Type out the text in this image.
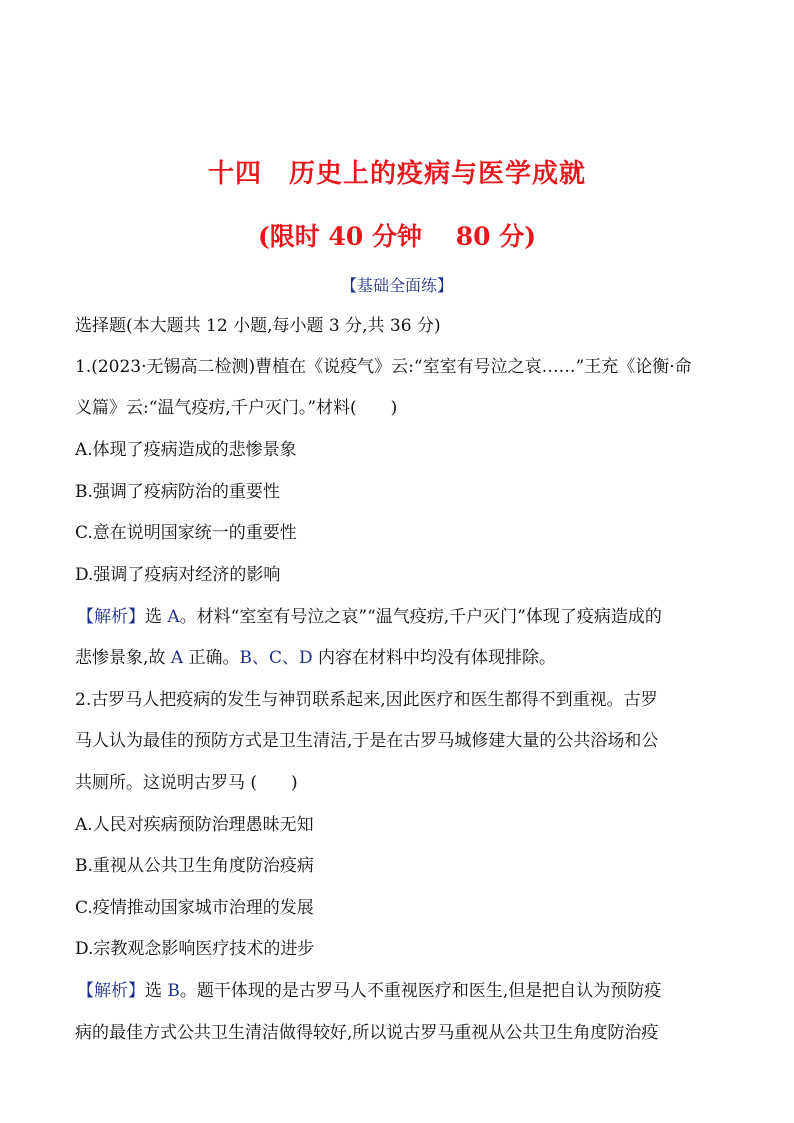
十四　历史上的疫病与医学成就
(限时 40 分钟　 80 分)
【基础全面练】
选择题(本大题共 12 小题,每小题 3 分,共 36 分)
1.(2023·无锡高二检测)曹植在《说疫气》云:“室室有号泣之哀……”王充《论衡·命
义篇》云:“温气疫疠,千户灭门。”材料(　　)
A.体现了疫病造成的悲惨景象
B.强调了疫病防治的重要性
C.意在说明国家统一的重要性
D.强调了疫病对经济的影响
【解析】选 A。材料“室室有号泣之哀”“温气疫疠,千户灭门”体现了疫病造成的
悲惨景象,故 A 正确。B、C、D 内容在材料中均没有体现排除。
2.古罗马人把疫病的发生与神罚联系起来,因此医疗和医生都得不到重视。古罗
马人认为最佳的预防方式是卫生清洁,于是在古罗马城修建大量的公共浴场和公
共厕所。这说明古罗马 (　　)
A.人民对疾病预防治理愚昧无知
B.重视从公共卫生角度防治疫病
C.疫情推动国家城市治理的发展
D.宗教观念影响医疗技术的进步
【解析】选 B。题干体现的是古罗马人不重视医疗和医生,但是把自认为预防疫
病的最佳方式公共卫生清洁做得较好,所以说古罗马重视从公共卫生角度防治疫
